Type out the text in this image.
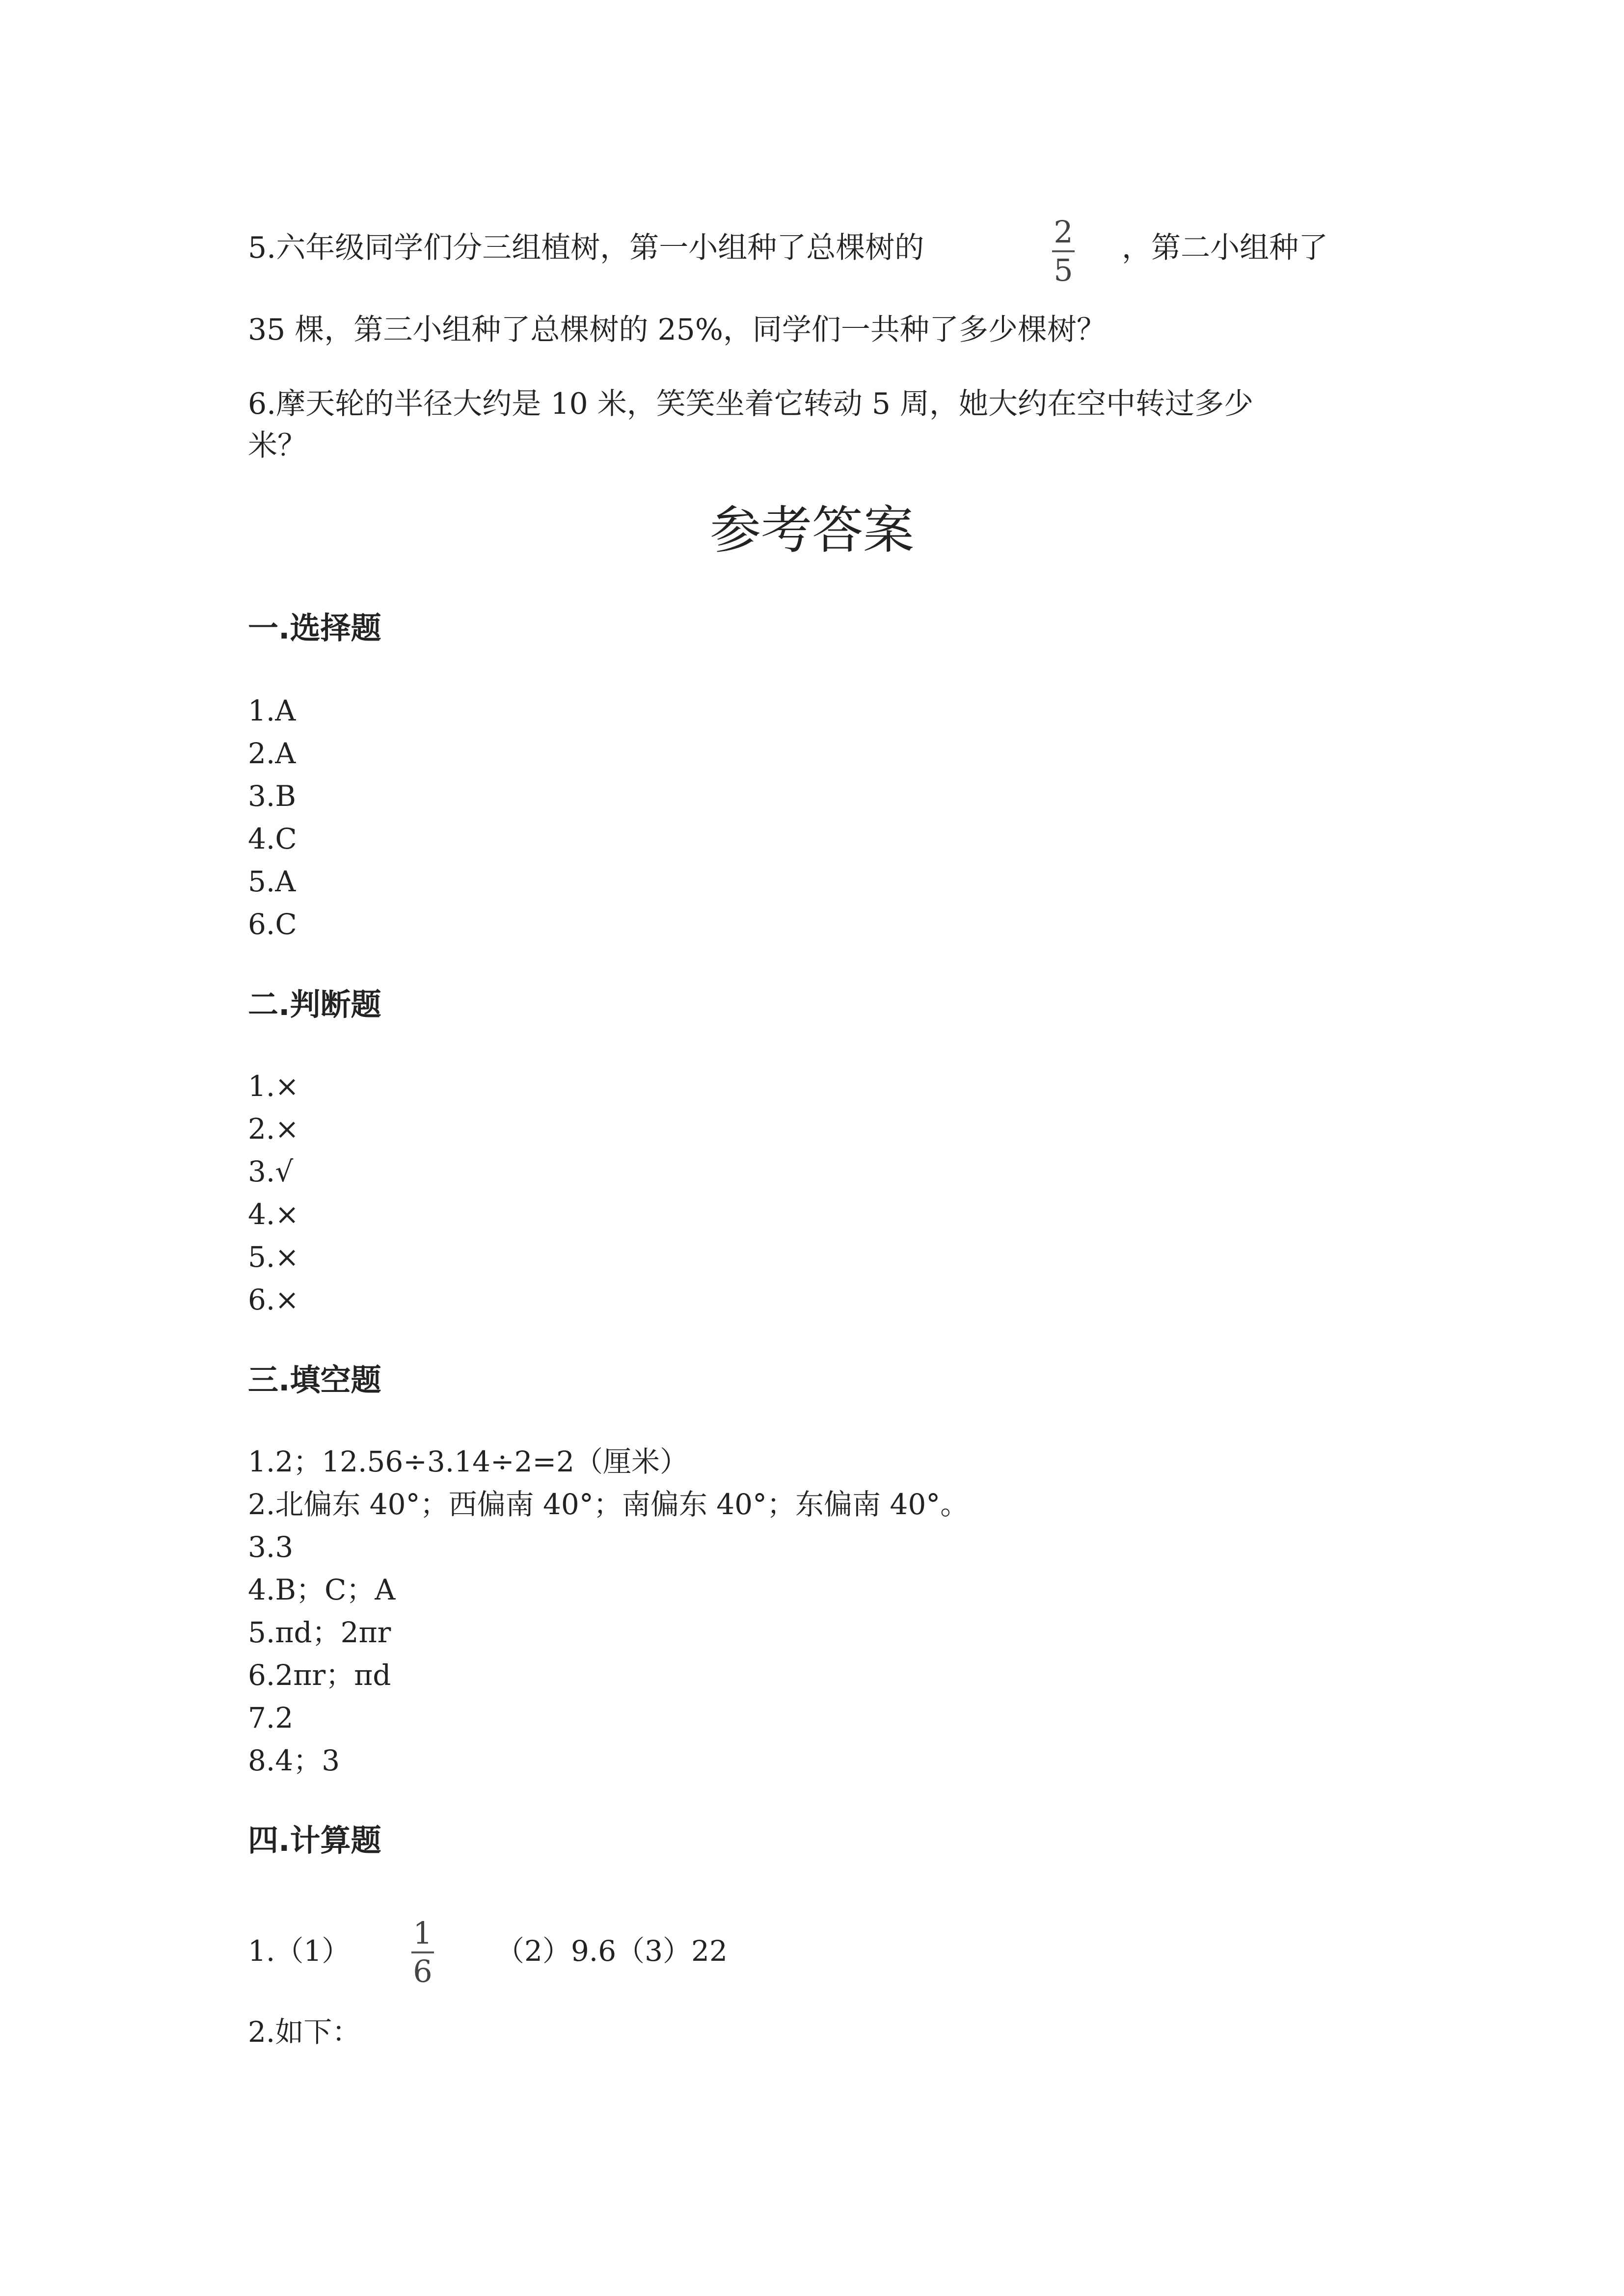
5.六年级同学们分三组植树，第一小组种了总棵树的	2
5
，第二小组种了
35 棵，第三小组种了总棵树的 25%，同学们一共种了多少棵树？
6.摩天轮的半径大约是 10 米，笑笑坐着它转动 5 周，她大约在空中转过多少
米？
参考答案
一.选择题
1.A
2.A
3.B
4.C
5.A
6.C
二.判断题
1.×
2.×
3.√
4.×
5.×
6.×
三.填空题
1.2；12.56÷3.14÷2=2（厘米）
2.北偏东 40°；西偏南 40°；南偏东 40°；东偏南 40°。
3.3
4.B；C；A
5.πd；2πr
6.2πr；πd
7.2
8.4；3
四.计算题
1.（1） 1
6
（2）9.6（3）22
2.如下：
